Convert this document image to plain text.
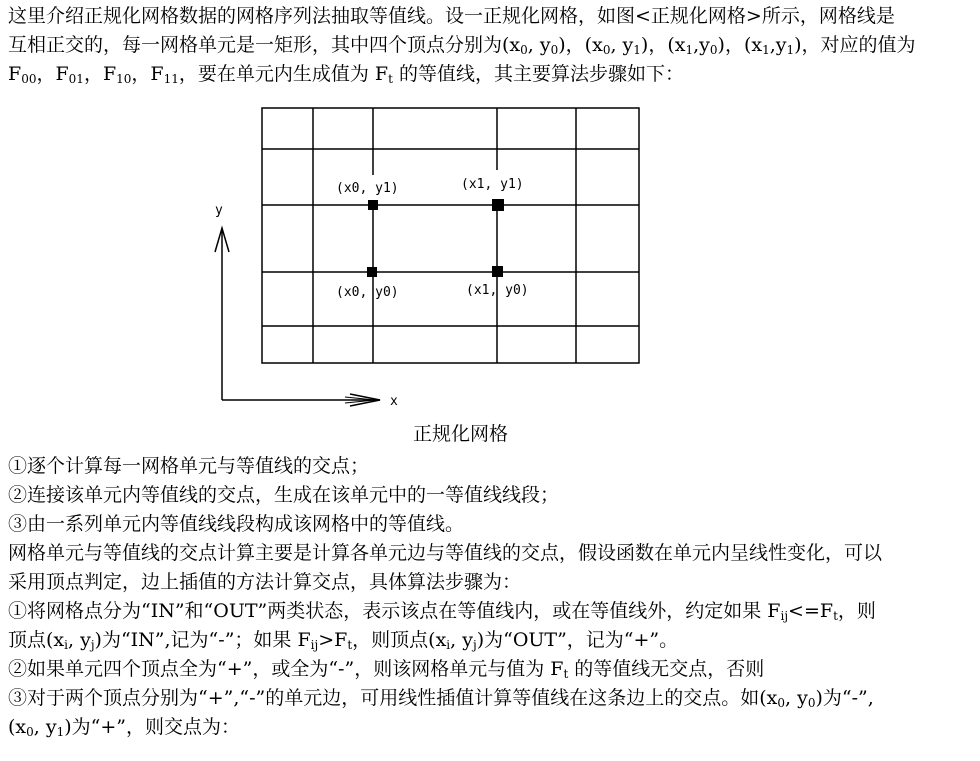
这里介绍正规化网格数据的网格序列法抽取等值线。设一正规化网格，如图<正规化网格>所示，网格线是
互相正交的，每一网格单元是一矩形，其中四个顶点分别为($x_0$, $y_0$)，($x_0$, $y_1$)，$(x_1,y_0)$，$(x_1,y_1)$，对应的值为
$F_{00}$，$F_{01}$，$F_{10}$，$F_{11}$，要在单元内生成值为 $F_t$ 的等值线，其主要算法步骤如下：
(x0, y1)	(x1, y1)
(x0, y0)	(x1, y0)
y
x
正规化网格
①逐个计算每一网格单元与等值线的交点；
②连接该单元内等值线的交点，生成在该单元中的一等值线线段；
③由一系列单元内等值线线段构成该网格中的等值线。
网格单元与等值线的交点计算主要是计算各单元边与等值线的交点，假设函数在单元内呈线性变化，可以
采用顶点判定，边上插值的方法计算交点，具体算法步骤为：
①将网格点分为“IN”和“OUT”两类状态，表示该点在等值线内，或在等值线外，约定如果 $F_{ij}<=F_t$，则
顶点($x_i$, $y_j$)为“IN”,记为“-”；如果 $F_{ij}>F_t$，则顶点($x_i$, $y_j$)为“OUT”，记为“+”。
②如果单元四个顶点全为“+”，或全为“-”，则该网格单元与值为 $F_t$ 的等值线无交点，否则
③对于两个顶点分别为“+”,“-”的单元边，可用线性插值计算等值线在这条边上的交点。如($x_0$, $y_0$)为“-”,
($x_0$, $y_1$)为“+”，则交点为：
